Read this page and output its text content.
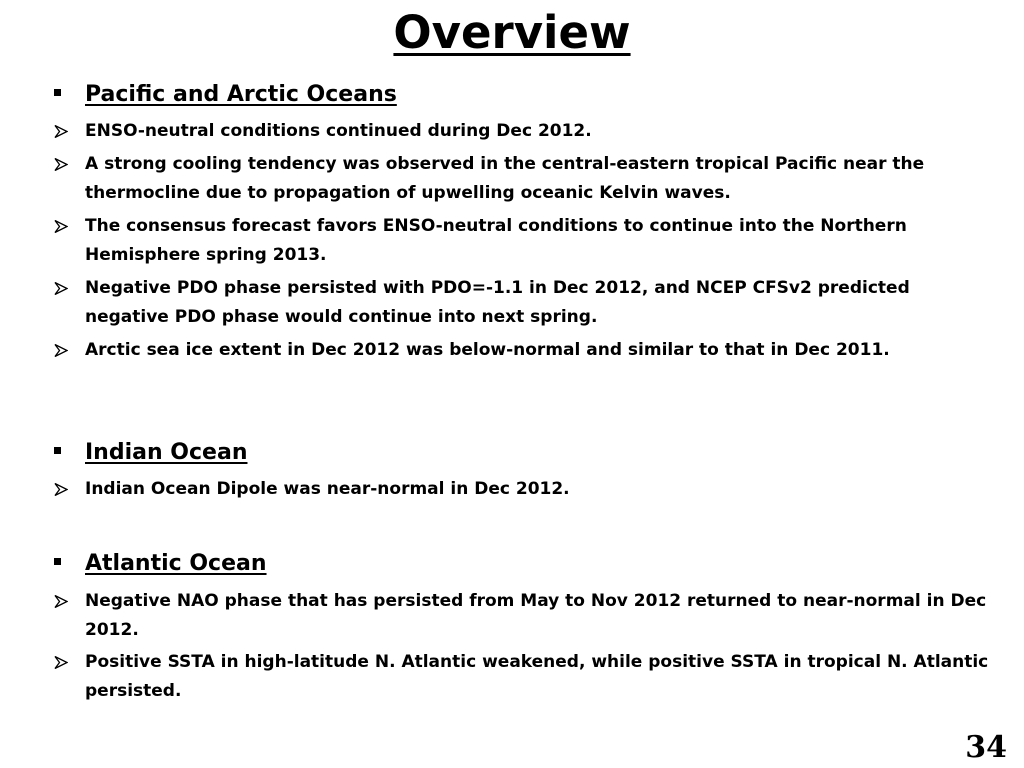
Overview
Pacific and Arctic Oceans
ENSO-neutral conditions continued during Dec 2012.
A strong cooling tendency was observed in the central-eastern tropical Pacific near the thermocline due to propagation of upwelling oceanic Kelvin waves.
The consensus forecast favors ENSO-neutral conditions to continue into the Northern Hemisphere spring 2013.
Negative PDO phase persisted with PDO=-1.1 in Dec 2012, and NCEP CFSv2 predicted negative PDO phase would continue into next spring.
Arctic sea ice extent in Dec 2012 was below-normal and similar to that in Dec 2011.
Indian Ocean
Indian Ocean Dipole was near-normal in Dec 2012.
Atlantic Ocean
Negative NAO phase that has persisted from May to Nov 2012 returned to near-normal in Dec 2012.
Positive SSTA in high-latitude N. Atlantic weakened, while positive SSTA in tropical N. Atlantic persisted.
34
